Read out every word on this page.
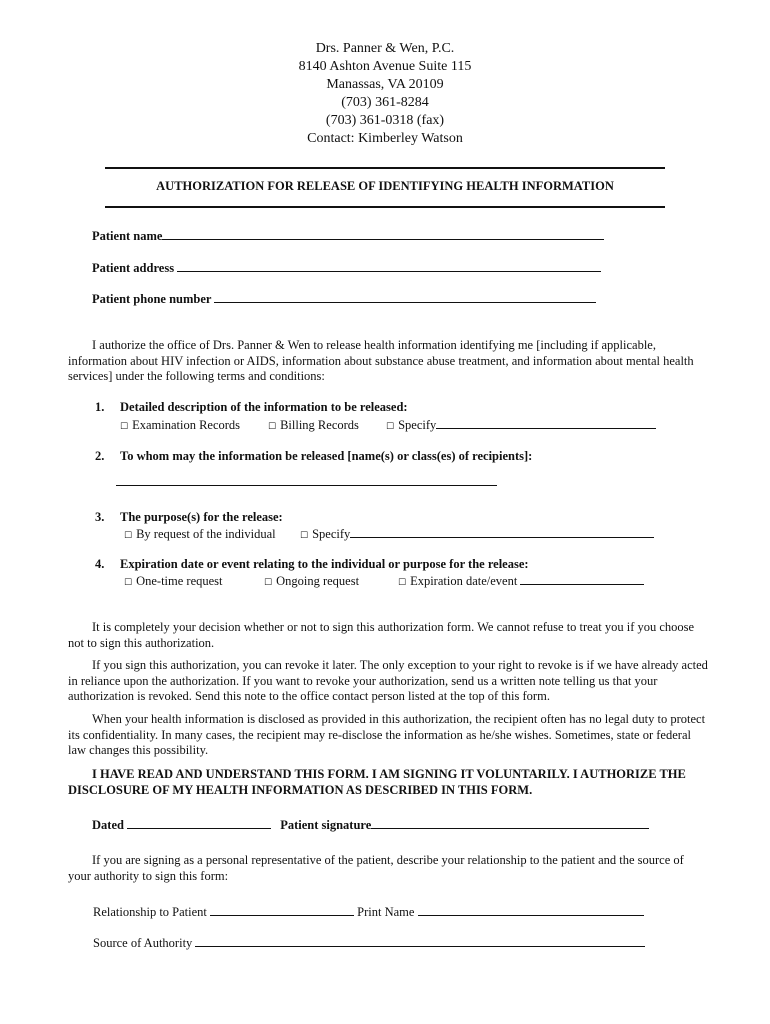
Drs. Panner & Wen, P.C.
8140 Ashton Avenue Suite 115
Manassas, VA 20109
(703) 361-8284
(703) 361-0318 (fax)
Contact: Kimberley Watson
AUTHORIZATION FOR RELEASE OF IDENTIFYING HEALTH INFORMATION
Patient name
Patient address
Patient phone number
I authorize the office of Drs. Panner & Wen to release health information identifying me [including if applicable, information about HIV infection or AIDS, information about substance abuse treatment, and information about mental health services] under the following terms and conditions:
1. Detailed description of the information to be released:
☐ Examination Records	☐ Billing Records	☐ Specify
2. To whom may the information be released [name(s) or class(es) of recipients]:
3. The purpose(s) for the release:
☐ By request of the individual	☐ Specify
4. Expiration date or event relating to the individual or purpose for the release:
☐ One-time request	☐ Ongoing request	☐ Expiration date/event
It is completely your decision whether or not to sign this authorization form. We cannot refuse to treat you if you choose not to sign this authorization.
If you sign this authorization, you can revoke it later. The only exception to your right to revoke is if we have already acted in reliance upon the authorization. If you want to revoke your authorization, send us a written note telling us that your authorization is revoked. Send this note to the office contact person listed at the top of this form.
When your health information is disclosed as provided in this authorization, the recipient often has no legal duty to protect its confidentiality. In many cases, the recipient may re-disclose the information as he/she wishes. Sometimes, state or federal law changes this possibility.
I HAVE READ AND UNDERSTAND THIS FORM. I AM SIGNING IT VOLUNTARILY. I AUTHORIZE THE DISCLOSURE OF MY HEALTH INFORMATION AS DESCRIBED IN THIS FORM.
Dated	Patient signature
If you are signing as a personal representative of the patient, describe your relationship to the patient and the source of your authority to sign this form:
Relationship to Patient	Print Name
Source of Authority
